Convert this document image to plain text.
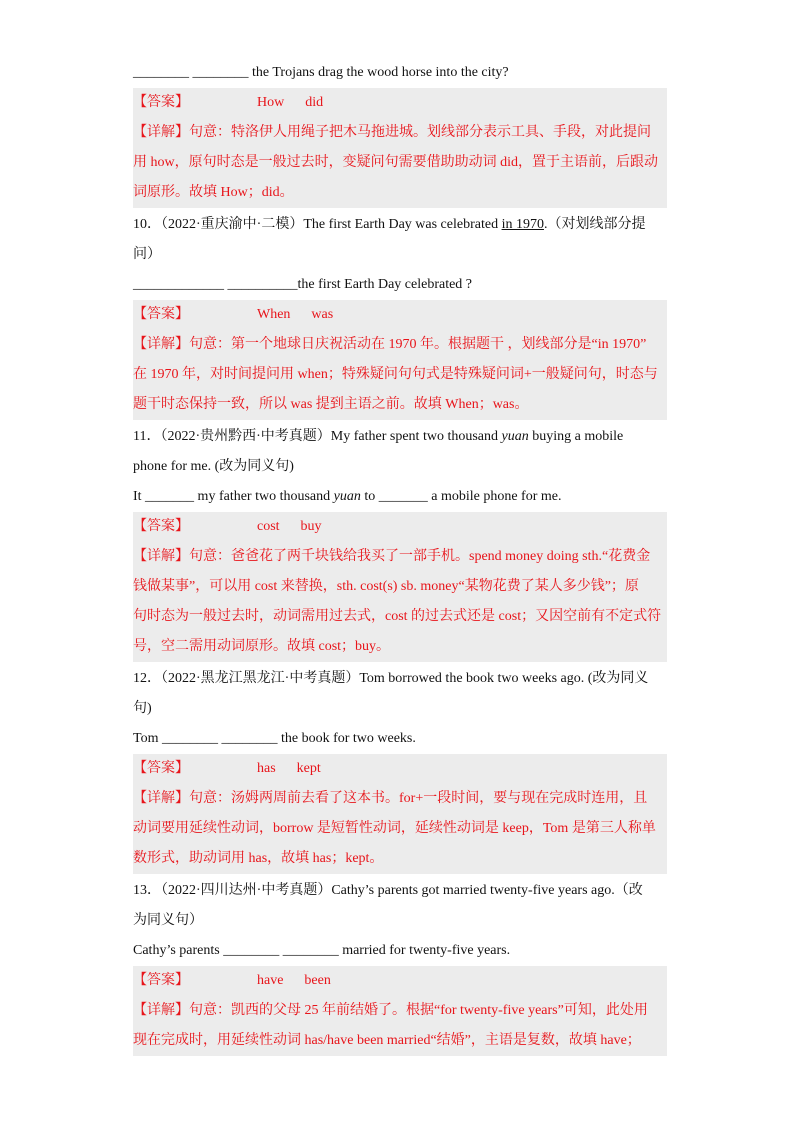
________ ________ the Trojans drag the wood horse into the city?
【答案】	How      did
【详解】句意：特洛伊人用绳子把木马拖进城。划线部分表示工具、手段，对此提问
用 how，原句时态是一般过去时，变疑问句需要借助助动词 did，置于主语前，后跟动
词原形。故填 How；did。
10．（2022·重庆渝中·二模）The first Earth Day was celebrated in 1970.（对划线部分提
问）
_____________ __________the first Earth Day celebrated ?
【答案】	When      was
【详解】句意：第一个地球日庆祝活动在 1970 年。根据题干 ，划线部分是“in 1970”
在 1970 年，对时间提问用 when；特殊疑问句句式是特殊疑问词+一般疑问句，时态与
题干时态保持一致，所以 was 提到主语之前。故填 When；was。
11．（2022·贵州黔西·中考真题）My father spent two thousand yuan buying a mobile
phone for me. (改为同义句)
It _______ my father two thousand yuan to _______ a mobile phone for me.
【答案】	cost      buy
【详解】句意：爸爸花了两千块钱给我买了一部手机。spend money doing sth.“花费金
钱做某事”，可以用 cost 来替换，sth. cost(s) sb. money“某物花费了某人多少钱”；原
句时态为一般过去时，动词需用过去式，cost 的过去式还是 cost；又因空前有不定式符
号，空二需用动词原形。故填 cost；buy。
12．（2022·黑龙江黑龙江·中考真题）Tom borrowed the book two weeks ago. (改为同义
句)
Tom ________ ________ the book for two weeks.
【答案】	has      kept
【详解】句意：汤姆两周前去看了这本书。for+一段时间，要与现在完成时连用，且
动词要用延续性动词，borrow 是短暂性动词，延续性动词是 keep，Tom 是第三人称单
数形式，助动词用 has，故填 has；kept。
13．（2022·四川达州·中考真题）Cathy’s parents got married twenty-five years ago.（改
为同义句）
Cathy’s parents ________ ________ married for twenty-five years.
【答案】	have      been
【详解】句意：凯西的父母 25 年前结婚了。根据“for twenty-five years”可知，此处用
现在完成时，用延续性动词 has/have been married“结婚”，主语是复数，故填 have；
